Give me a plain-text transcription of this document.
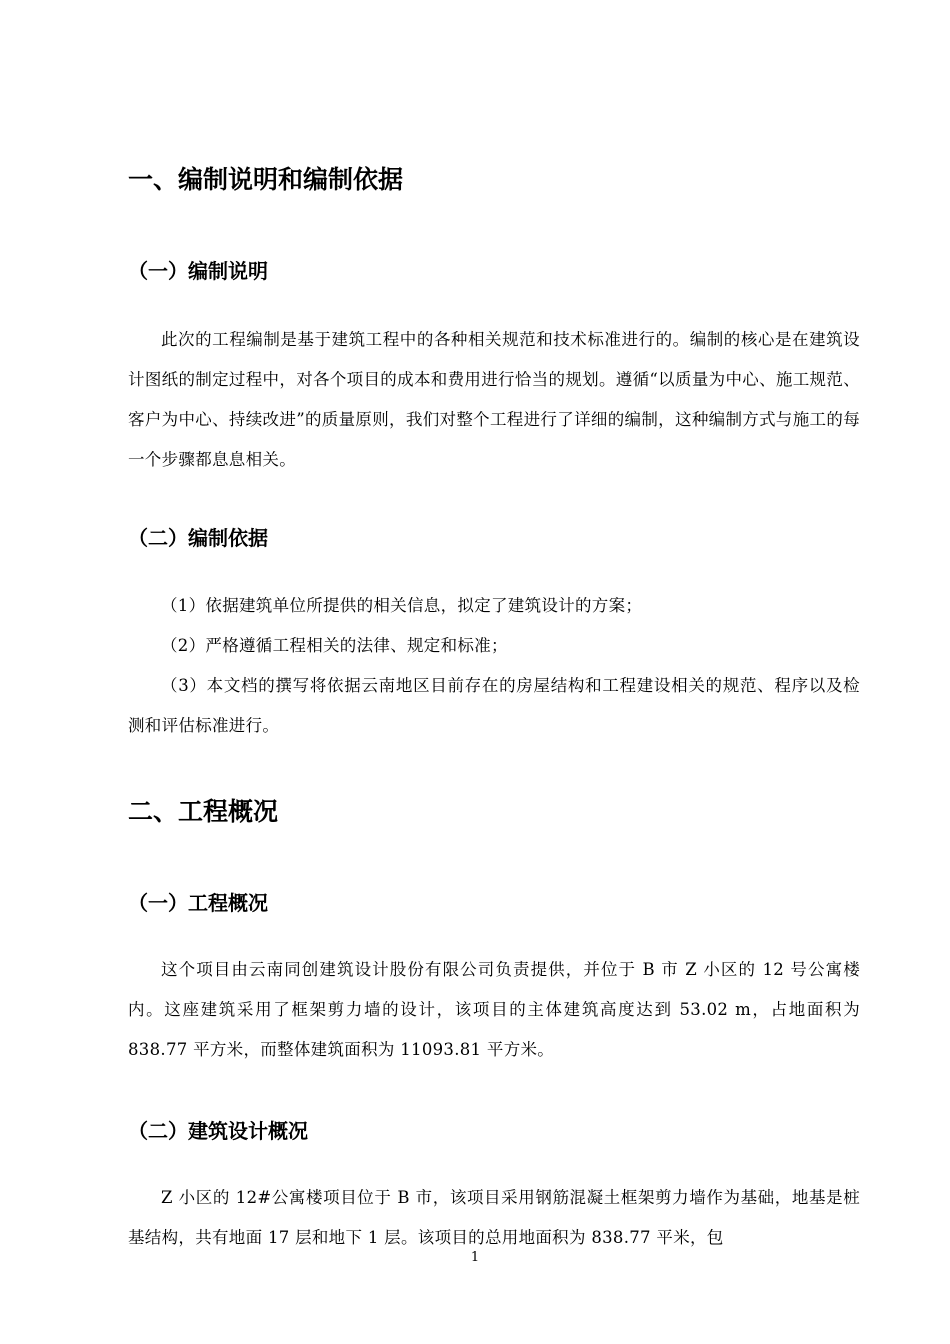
一、编制说明和编制依据
（一）编制说明

此次的工程编制是基于建筑工程中的各种相关规范和技术标准进行的。编制的核心是在建筑设计图纸的制定过程中，对各个项目的成本和费用进行恰当的规划。遵循“以质量为中心、施工规范、客户为中心、持续改进”的质量原则，我们对整个工程进行了详细的编制，这种编制方式与施工的每一个步骤都息息相关。

（二）编制依据

（1）依据建筑单位所提供的相关信息，拟定了建筑设计的方案；

（2）严格遵循工程相关的法律、规定和标准；

（3）本文档的撰写将依据云南地区目前存在的房屋结构和工程建设相关的规范、程序以及检测和评估标准进行。

二、工程概况
（一）工程概况

这个项目由云南同创建筑设计股份有限公司负责提供，并位于 B 市 Z 小区的 12 号公寓楼内。这座建筑采用了框架剪力墙的设计，该项目的主体建筑高度达到 53.02 m，占地面积为 838.77 平方米，而整体建筑面积为 11093.81 平方米。

（二）建筑设计概况

Z 小区的 12#公寓楼项目位于 B 市，该项目采用钢筋混凝土框架剪力墙作为基础，地基是桩基结构，共有地面 17 层和地下 1 层。该项目的总用地面积为 838.77 平米，包

1
